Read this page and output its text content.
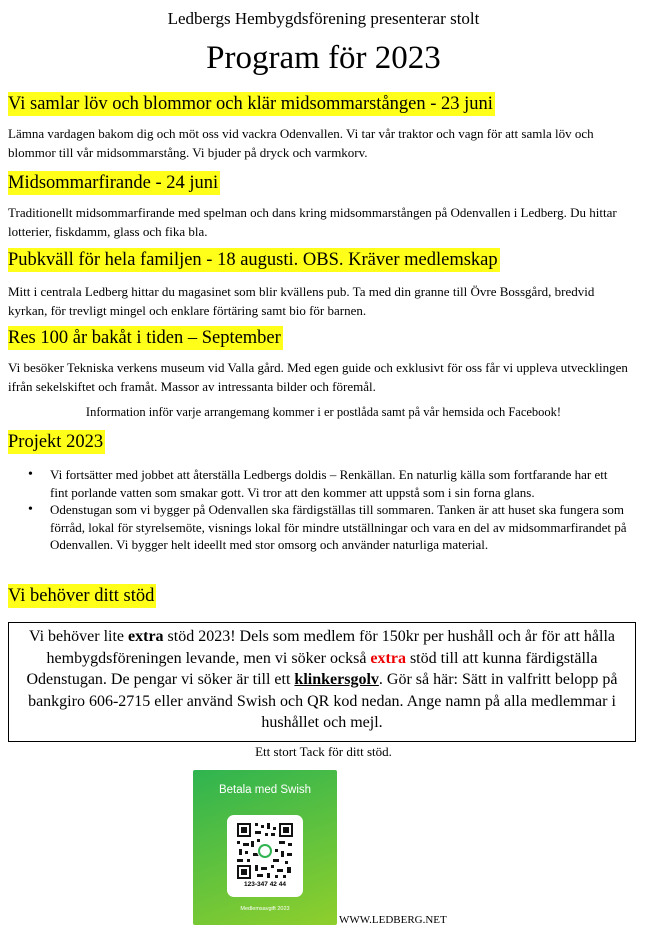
Ledbergs Hembygdsförening presenterar stolt
Program för 2023
Vi samlar löv och blommor och klär midsommarstången - 23 juni

Lämna vardagen bakom dig och möt oss vid vackra Odenvallen. Vi tar vår traktor och vagn för att samla löv och blommor till vår midsommarstång. Vi bjuder på dryck och varmkorv.

Midsommarfirande - 24 juni

Traditionellt midsommarfirande med spelman och dans kring midsommarstången på Odenvallen i Ledberg. Du hittar lotterier, fiskdamm, glass och fika bla.

Pubkväll för hela familjen - 18 augusti. OBS. Kräver medlemskap

Mitt i centrala Ledberg hittar du magasinet som blir kvällens pub. Ta med din granne till Övre Bossgård, bredvid kyrkan, för trevligt mingel och enklare förtäring samt bio för barnen.

Res 100 år bakåt i tiden – September

Vi besöker Tekniska verkens museum vid Valla gård. Med egen guide och exklusivt för oss får vi uppleva utvecklingen ifrån sekelskiftet och framåt. Massor av intressanta bilder och föremål.

Information inför varje arrangemang kommer i er postlåda samt på vår hemsida och Facebook!
Projekt 2023
• Vi fortsätter med jobbet att återställa Ledbergs doldis – Renkällan. En naturlig källa som fortfarande har ett fint porlande vatten som smakar gott. Vi tror att den kommer att uppstå som i sin forna glans.
• Odenstugan som vi bygger på Odenvallen ska färdigställas till sommaren. Tanken är att huset ska fungera som förråd, lokal för styrelsemöte, visnings lokal för mindre utställningar och vara en del av midsommarfirandet på Odenvallen. Vi bygger helt ideellt med stor omsorg och använder naturliga material.
Vi behöver ditt stöd
Vi behöver lite extra stöd 2023! Dels som medlem för 150kr per hushåll och år för att hålla hembygdsföreningen levande, men vi söker också extra stöd till att kunna färdigställa Odenstugan. De pengar vi söker är till ett klinkersgolv. Gör så här: Sätt in valfritt belopp på bankgiro 606-2715 eller använd Swish och QR kod nedan. Ange namn på alla medlemmar i hushållet och mejl.
Ett stort Tack för ditt stöd.
Betala med Swish
123-347 42 44
Medlemsavgift 2023
WWW.LEDBERG.NET
